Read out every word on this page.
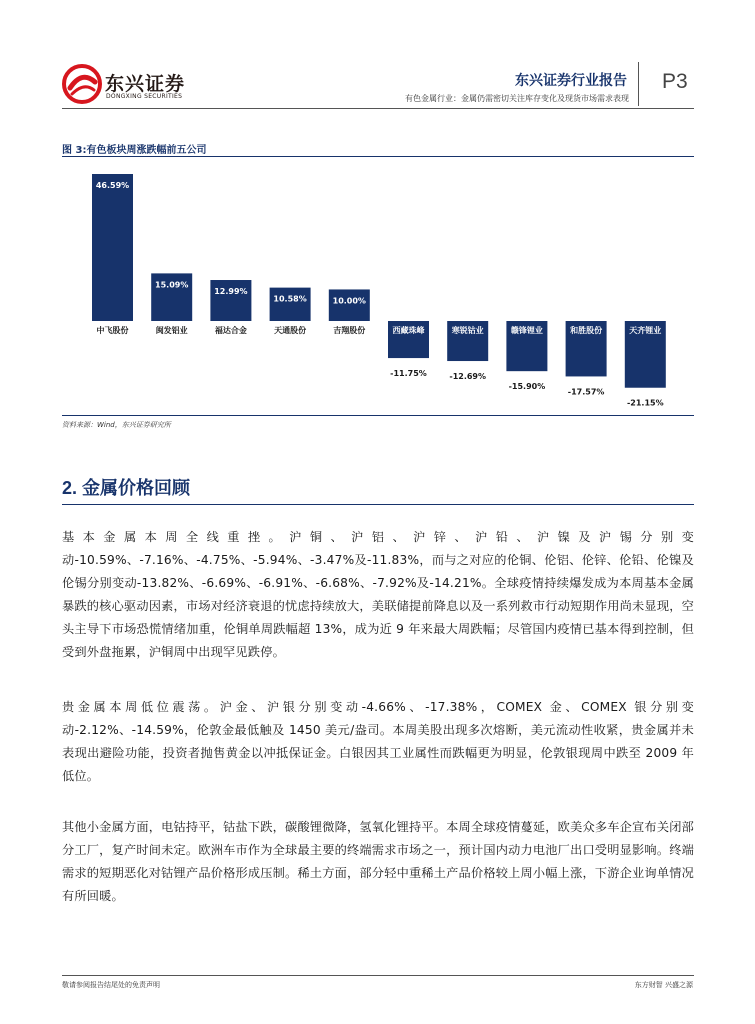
东兴证券
DONGXING SECURITIES
东兴证券行业报告
有色金属行业：金属仍需密切关注库存变化及现货市场需求表现
P3
图 3:有色板块周涨跌幅前五公司
中飞股份
46.59%
闽发铝业
15.09%
福达合金
12.99%
天通股份
10.58%
吉翔股份
10.00%
西藏珠峰
-11.75%
寒锐钴业
-12.69%
赣锋锂业
-15.90%
和胜股份
-17.57%
天齐锂业
-21.15%
资料来源：Wind，东兴证券研究所
2. 金属价格回顾
基本金属本周全线重挫。沪铜、沪铝、沪锌、沪铅、沪镍及沪锡分别变动-10.59%、-7.16%、-4.75%、-5.94%、-3.47%及-11.83%，而与之对应的伦铜、伦铝、伦锌、伦铅、伦镍及伦锡分别变动-13.82%、-6.69%、-6.91%、-6.68%、-7.92%及-14.21%。全球疫情持续爆发成为本周基本金属暴跌的核心驱动因素，市场对经济衰退的忧虑持续放大，美联储提前降息以及一系列救市行动短期作用尚未显现，空头主导下市场恐慌情绪加重，伦铜单周跌幅超 13%，成为近 9 年来最大周跌幅；尽管国内疫情已基本得到控制，但受到外盘拖累，沪铜周中出现罕见跌停。
贵金属本周低位震荡。沪金、沪银分别变动-4.66%、-17.38%，COMEX 金、COMEX 银分别变动-2.12%、-14.59%，伦敦金最低触及 1450 美元/盎司。本周美股出现多次熔断，美元流动性收紧，贵金属并未表现出避险功能，投资者抛售黄金以冲抵保证金。白银因其工业属性而跌幅更为明显，伦敦银现周中跌至 2009 年低位。
其他小金属方面，电钴持平，钴盐下跌，碳酸锂微降，氢氧化锂持平。本周全球疫情蔓延，欧美众多车企宣布关闭部分工厂，复产时间未定。欧洲车市作为全球最主要的终端需求市场之一，预计国内动力电池厂出口受明显影响。终端需求的短期恶化对钴锂产品价格形成压制。稀土方面，部分轻中重稀土产品价格较上周小幅上涨，下游企业询单情况有所回暖。
敬请参阅报告结尾处的免责声明	东方财智 兴盛之源
